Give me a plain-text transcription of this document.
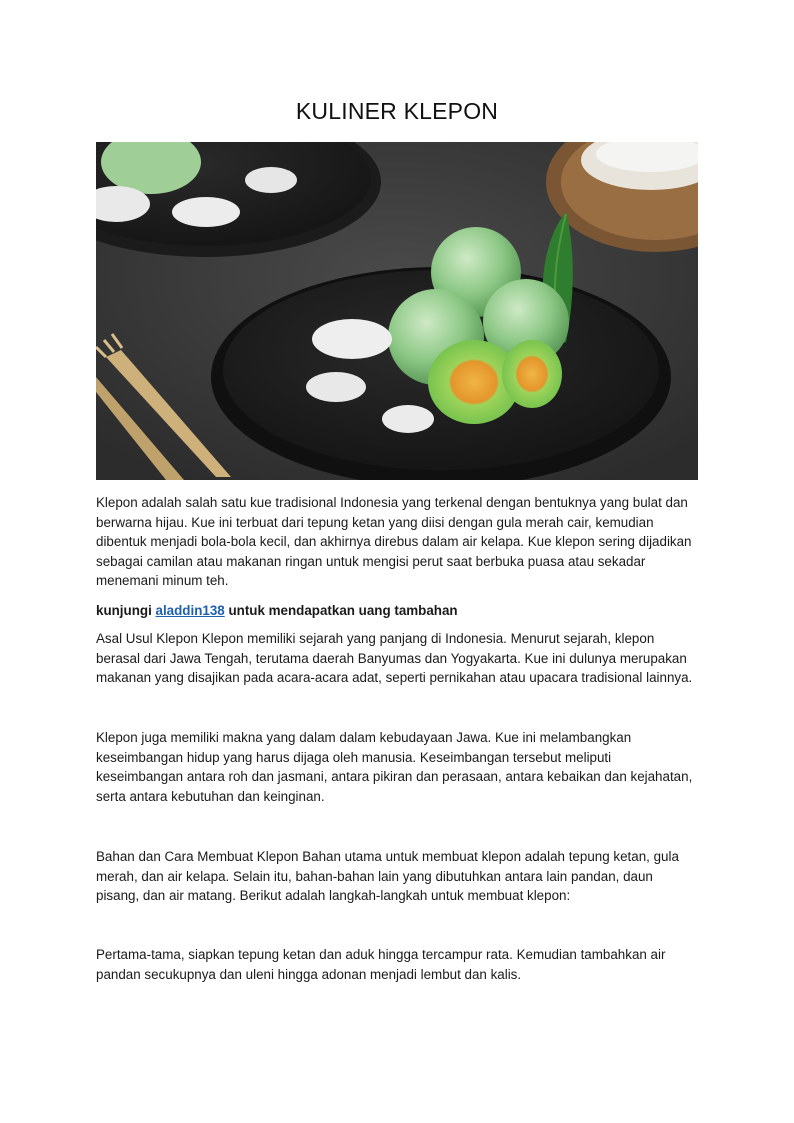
KULINER KLEPON

Klepon adalah salah satu kue tradisional Indonesia yang terkenal dengan bentuknya yang bulat dan berwarna hijau. Kue ini terbuat dari tepung ketan yang diisi dengan gula merah cair, kemudian dibentuk menjadi bola-bola kecil, dan akhirnya direbus dalam air kelapa. Kue klepon sering dijadikan sebagai camilan atau makanan ringan untuk mengisi perut saat berbuka puasa atau sekadar menemani minum teh.

kunjungi aladdin138 untuk mendapatkan uang tambahan

Asal Usul Klepon Klepon memiliki sejarah yang panjang di Indonesia. Menurut sejarah, klepon berasal dari Jawa Tengah, terutama daerah Banyumas dan Yogyakarta. Kue ini dulunya merupakan makanan yang disajikan pada acara-acara adat, seperti pernikahan atau upacara tradisional lainnya.

Klepon juga memiliki makna yang dalam dalam kebudayaan Jawa. Kue ini melambangkan keseimbangan hidup yang harus dijaga oleh manusia. Keseimbangan tersebut meliputi keseimbangan antara roh dan jasmani, antara pikiran dan perasaan, antara kebaikan dan kejahatan, serta antara kebutuhan dan keinginan.

Bahan dan Cara Membuat Klepon Bahan utama untuk membuat klepon adalah tepung ketan, gula merah, dan air kelapa. Selain itu, bahan-bahan lain yang dibutuhkan antara lain pandan, daun pisang, dan air matang. Berikut adalah langkah-langkah untuk membuat klepon:

Pertama-tama, siapkan tepung ketan dan aduk hingga tercampur rata. Kemudian tambahkan air pandan secukupnya dan uleni hingga adonan menjadi lembut dan kalis.
